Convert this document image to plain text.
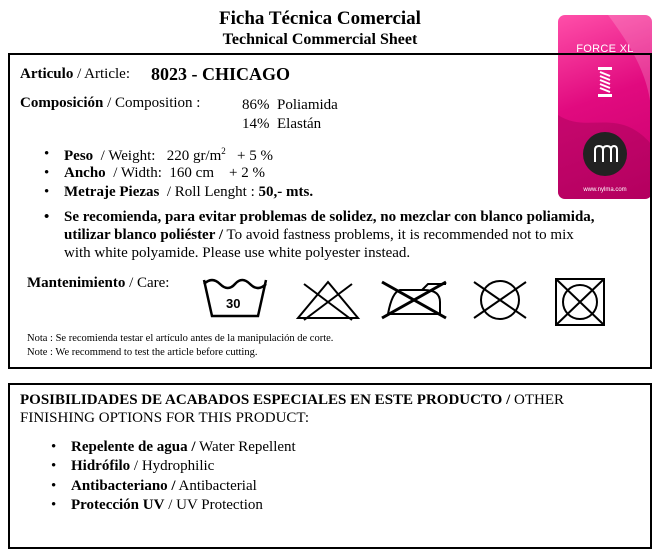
Ficha Técnica Comercial
Technical Commercial Sheet
FORCE XL
www.nylma.com
Articulo / Article: 8023 - CHICAGO
Composición / Composition :	86% Poliamida
14% Elastán
• Peso / Weight: 220 $gr/m^2 + 5$ %
• Ancho / Width: 160 cm + 2 %
• Metraje Piezas / Roll Lenght : 50,- mts.
• Se recomienda, para evitar problemas de solidez, no mezclar con blanco poliamida,
utilizar blanco poliéster / To avoid fastness problems, it is recommended not to mix
with white polyamide. Please use white polyester instead.
Mantenimiento / Care:
30
Nota : Se recomienda testar el artículo antes de la manipulación de corte.
Note : We recommend to test the article before cutting.
POSIBILIDADES DE ACABADOS ESPECIALES EN ESTE PRODUCTO / OTHER
FINISHING OPTIONS FOR THIS PRODUCT:
• Repelente de agua / Water Repellent
• Hidrófilo / Hydrophilic
• Antibacteriano / Antibacterial
• Protección UV / UV Protection
